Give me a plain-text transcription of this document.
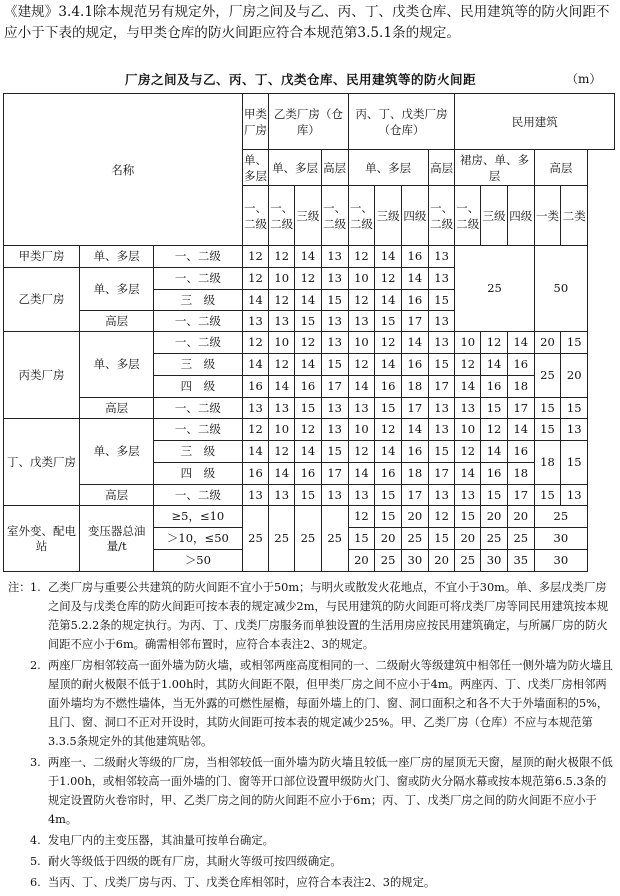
《建规》3.4.1除本规范另有规定外，厂房之间及与乙、丙、丁、戊类仓库、民用建筑等的防火间距不应小于下表的规定，与甲类仓库的防火间距应符合本规范第3.5.1条的规定。
厂房之间及与乙、丙、丁、戊类仓库、民用建筑等的防火间距	（m）
名称			甲类厂房	乙类厂房（仓库）			丙、丁、戊类厂房（仓库）				民用建筑				
			单、多层	单、多层		高层	单、多层			高层	裙房、单、多层			高层	
			一、二级	一、二级	三级	一、二级	一、二级	三级	四级	一、二级	一、二级	三级	四级	一类	二类
甲类厂房	单、多层	一、二级	12	12	14	13	12	14	16	13	25			50	
乙类厂房	单、多层	一、二级	12	10	12	13	10	12	14	13					
		三　级	14	12	14	15	12	14	16	15					
	高层	一、二级	13	13	15	13	13	15	17	13					
丙类厂房	单、多层	一、二级	12	10	12	13	10	12	14	13	10	12	14	20	15
		三　级	14	12	14	15	12	14	16	15	12	14	16	25	20
		四　级	16	14	16	17	14	16	18	17	14	16	18		
	高层	一、二级	13	13	15	13	13	15	17	13	13	15	17	15	15
丁、戊类厂房	单、多层	一、二级	12	10	12	13	10	12	14	13	10	12	14	15	13
		三　级	14	12	14	15	12	14	16	15	12	14	16	18	15
		四　级	16	14	16	17	14	16	18	17	14	16	18		
	高层	一、二级	13	13	15	13	13	15	17	13	13	15	17	15	13
室外变、配电站	变压器总油量/t	≥5，≤10	25	25	25	25	12	15	20	12	15	20	20	25	
		＞10，≤50					15	20	25	15	20	25	25	30	
		＞50					20	25	30	20	25	30	35	30	
注： 1. 乙类厂房与重要公共建筑的防火间距不宜小于50m；与明火或散发火花地点，不宜小于30m。单、多层戊类厂房之间及与戊类仓库的防火间距可按本表的规定减少2m，与民用建筑的防火间距可将戊类厂房等同民用建筑按本规范第5.2.2条的规定执行。为丙、丁、戊类厂房服务而单独设置的生活用房应按民用建筑确定，与所属厂房的防火间距不应小于6m。确需相邻布置时，应符合本表注2、3的规定。
2. 两座厂房相邻较高一面外墙为防火墙，或相邻两座高度相同的一、二级耐火等级建筑中相邻任一侧外墙为防火墙且屋顶的耐火极限不低于1.00h时，其防火间距不限，但甲类厂房之间不应小于4m。两座丙、丁、戊类厂房相邻两面外墙均为不燃性墙体，当无外露的可燃性屋檐，每面外墙上的门、窗、洞口面积之和各不大于外墙面积的5%，且门、窗、洞口不正对开设时，其防火间距可按本表的规定减少25%。甲、乙类厂房（仓库）不应与本规范第3.3.5条规定外的其他建筑贴邻。
3. 两座一、二级耐火等级的厂房，当相邻较低一面外墙为防火墙且较低一座厂房的屋顶无天窗，屋顶的耐火极限不低于1.00h，或相邻较高一面外墙的门、窗等开口部位设置甲级防火门、窗或防火分隔水幕或按本规范第6.5.3条的规定设置防火卷帘时，甲、乙类厂房之间的防火间距不应小于6m；丙、丁、戊类厂房之间的防火间距不应小于4m。
4. 发电厂内的主变压器，其油量可按单台确定。
5. 耐火等级低于四级的既有厂房，其耐火等级可按四级确定。
6. 当丙、丁、戊类厂房与丙、丁、戊类仓库相邻时，应符合本表注2、3的规定。
